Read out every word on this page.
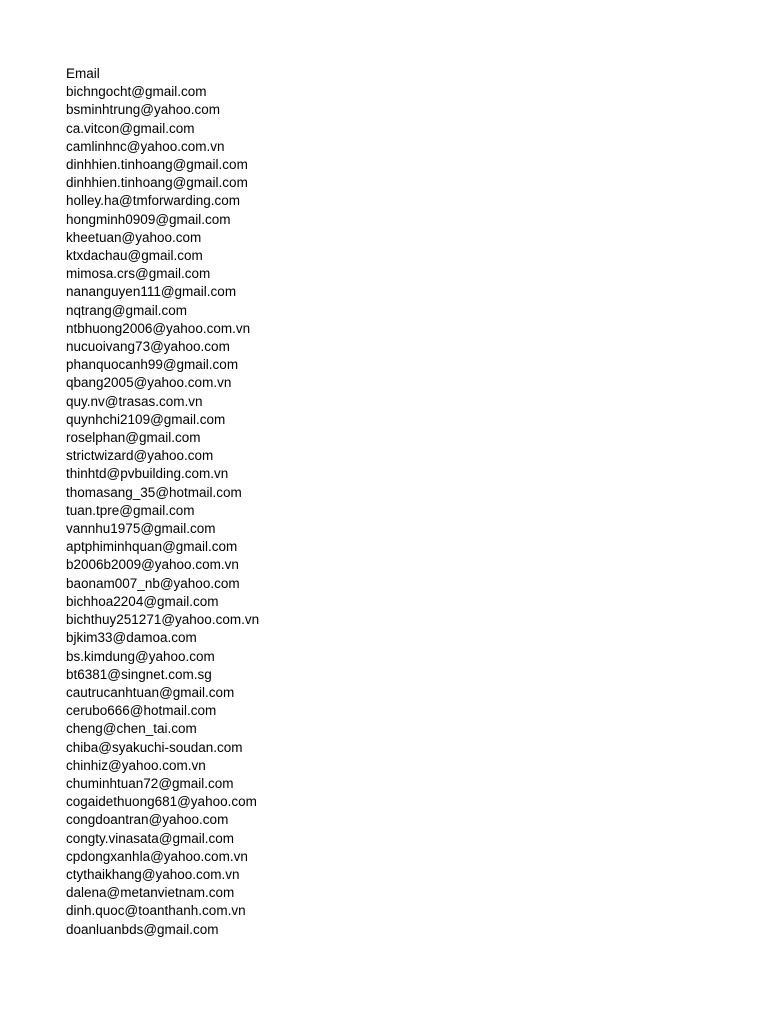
Email
bichngocht@gmail.com
bsminhtrung@yahoo.com
ca.vitcon@gmail.com
camlinhnc@yahoo.com.vn
dinhhien.tinhoang@gmail.com
dinhhien.tinhoang@gmail.com
holley.ha@tmforwarding.com
hongminh0909@gmail.com
kheetuan@yahoo.com
ktxdachau@gmail.com
mimosa.crs@gmail.com
nananguyen111@gmail.com
nqtrang@gmail.com
ntbhuong2006@yahoo.com.vn
nucuoivang73@yahoo.com
phanquocanh99@gmail.com
qbang2005@yahoo.com.vn
quy.nv@trasas.com.vn
quynhchi2109@gmail.com
roselphan@gmail.com
strictwizard@yahoo.com
thinhtd@pvbuilding.com.vn
thomasang_35@hotmail.com
tuan.tpre@gmail.com
vannhu1975@gmail.com
aptphiminhquan@gmail.com
b2006b2009@yahoo.com.vn
baonam007_nb@yahoo.com
bichhoa2204@gmail.com
bichthuy251271@yahoo.com.vn
bjkim33@damoa.com
bs.kimdung@yahoo.com
bt6381@singnet.com.sg
cautrucanhtuan@gmail.com
cerubo666@hotmail.com
cheng@chen_tai.com
chiba@syakuchi-soudan.com
chinhiz@yahoo.com.vn
chuminhtuan72@gmail.com
cogaidethuong681@yahoo.com
congdoantran@yahoo.com
congty.vinasata@gmail.com
cpdongxanhla@yahoo.com.vn
ctythaikhang@yahoo.com.vn
dalena@metanvietnam.com
dinh.quoc@toanthanh.com.vn
doanluanbds@gmail.com
